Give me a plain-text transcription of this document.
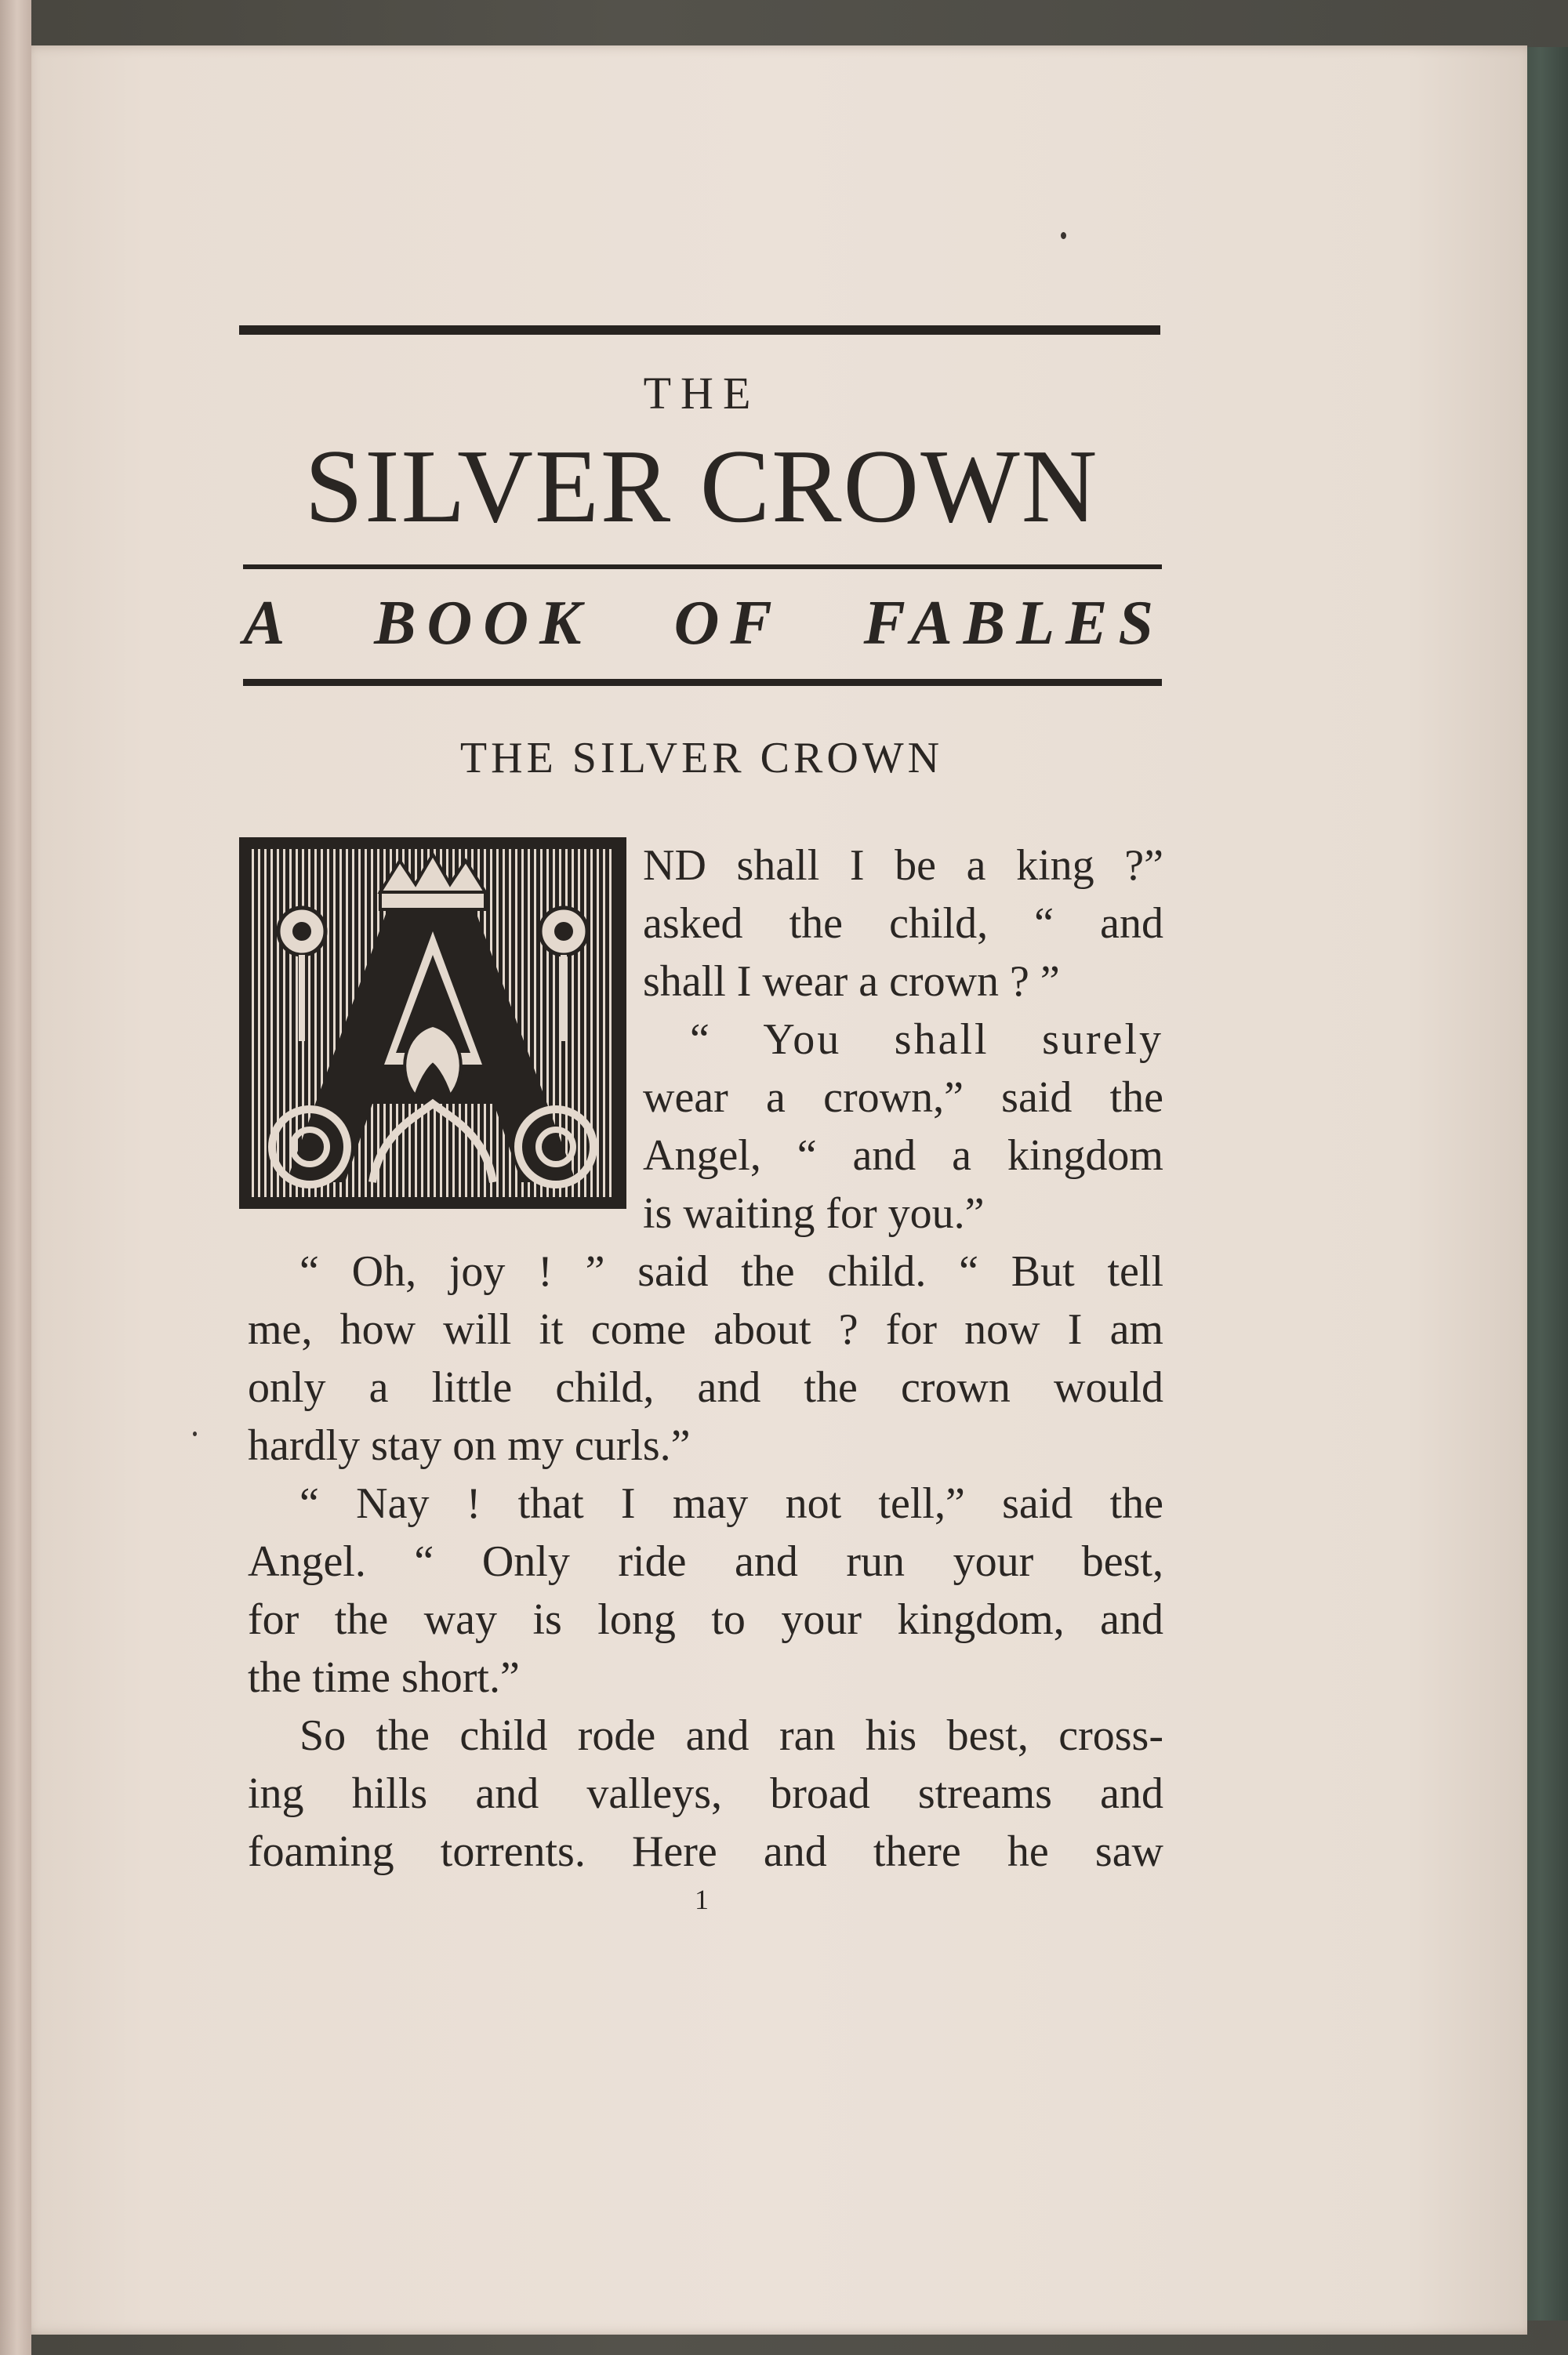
THE
SILVER CROWN
A BOOK OF FABLES
THE SILVER CROWN
ND shall I be a king ?”
asked the child, “ and
shall I wear a crown ? ”
“ You shall surely
wear a crown,” said the
Angel, “ and a kingdom
is waiting for you.”
“ Oh, joy ! ” said the child. “ But tell
me, how will it come about ? for now I am
only a little child, and the crown would
hardly stay on my curls.”
“ Nay ! that I may not tell,” said the
Angel. “ Only ride and run your best,
for the way is long to your kingdom, and
the time short.”
So the child rode and ran his best, cross-
ing hills and valleys, broad streams and
foaming torrents. Here and there he saw
1
